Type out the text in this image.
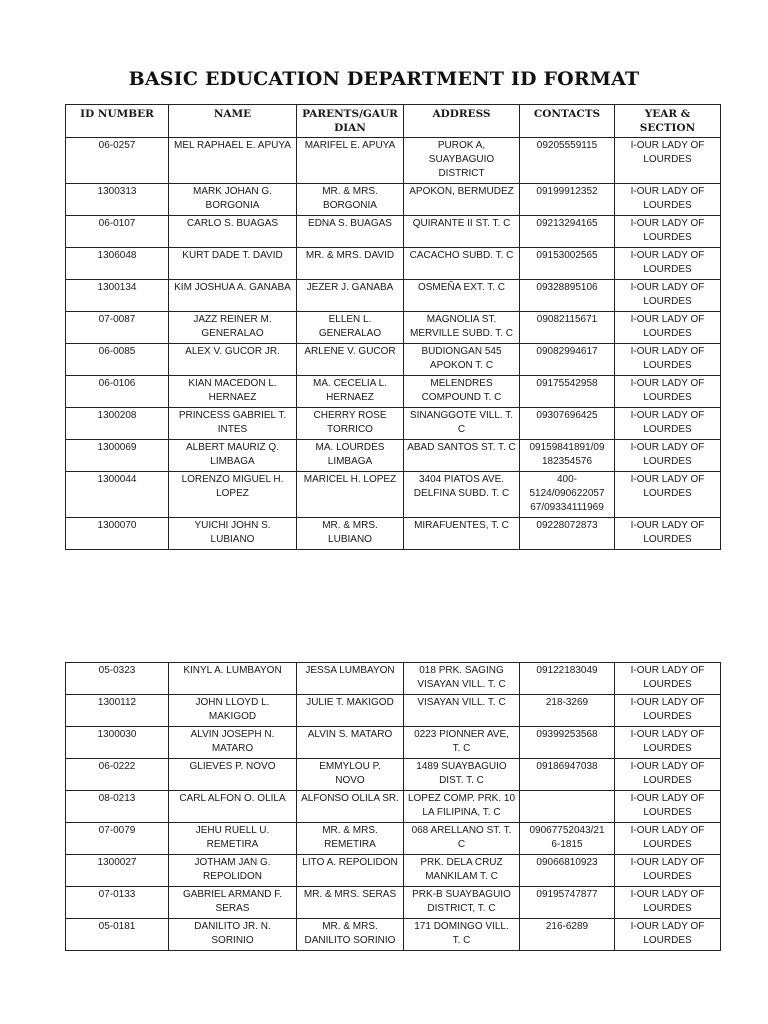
BASIC EDUCATION DEPARTMENT ID FORMAT
ID NUMBER	NAME	PARENTS/GAUR
DIAN	ADDRESS	CONTACTS	YEAR &
SECTION
06-0257	MEL RAPHAEL E. APUYA	MARIFEL E. APUYA	PUROK A,
SUAYBAGUIO
DISTRICT	09205559115	I-OUR LADY OF
LOURDES
1300313	MARK JOHAN G.
BORGONIA	MR. & MRS.
BORGONIA	APOKON, BERMUDEZ	09199912352	I-OUR LADY OF
LOURDES
06-0107	CARLO S. BUAGAS	EDNA S. BUAGAS	QUIRANTE II ST. T. C	09213294165	I-OUR LADY OF
LOURDES
1306048	KURT DADE T. DAVID	MR. & MRS. DAVID	CACACHO SUBD. T. C	09153002565	I-OUR LADY OF
LOURDES
1300134	KIM JOSHUA A. GANABA	JEZER J. GANABA	OSMEÑA EXT. T. C	09328895106	I-OUR LADY OF
LOURDES
07-0087	JAZZ REINER M.
GENERALAO	ELLEN L.
GENERALAO	MAGNOLIA ST.
MERVILLE SUBD. T. C	09082115671	I-OUR LADY OF
LOURDES
06-0085	ALEX V. GUCOR JR.	ARLENE V. GUCOR	BUDIONGAN 545
APOKON T. C	09082994617	I-OUR LADY OF
LOURDES
06-0106	KIAN MACEDON L.
HERNAEZ	MA. CECELIA L.
HERNAEZ	MELENDRES
COMPOUND T. C	09175542958	I-OUR LADY OF
LOURDES
1300208	PRINCESS GABRIEL T.
INTES	CHERRY ROSE
TORRICO	SINANGGOTE VILL. T. C	09307696425	I-OUR LADY OF
LOURDES
1300069	ALBERT MAURIZ Q.
LIMBAGA	MA. LOURDES
LIMBAGA	ABAD SANTOS ST. T. C	09159841891/09
182354576	I-OUR LADY OF
LOURDES
1300044	LORENZO MIGUEL H.
LOPEZ	MARICEL H. LOPEZ	3404 PIATOS AVE.
DELFINA SUBD. T. C	400-
5124/090622057
67/09334111969	I-OUR LADY OF
LOURDES
1300070	YUICHI JOHN S. LUBIANO	MR. & MRS.
LUBIANO	MIRAFUENTES, T. C	09228072873	I-OUR LADY OF
LOURDES
05-0323	KINYL A. LUMBAYON	JESSA LUMBAYON	018 PRK. SAGING
VISAYAN VILL. T. C	09122183049	I-OUR LADY OF
LOURDES
1300112	JOHN LLOYD L. MAKIGOD	JULIE T. MAKIGOD	VISAYAN VILL. T. C	218-3269	I-OUR LADY OF
LOURDES
1300030	ALVIN JOSEPH N.
MATARO	ALVIN S. MATARO	0223 PIONNER AVE,
T. C	09399253568	I-OUR LADY OF
LOURDES
06-0222	GLIEVES P. NOVO	EMMYLOU P.
NOVO	1489 SUAYBAGUIO
DIST. T. C	09186947038	I-OUR LADY OF
LOURDES
08-0213	CARL ALFON O. OLILA	ALFONSO OLILA SR.	LOPEZ COMP. PRK. 10
LA FILIPINA, T. C		I-OUR LADY OF
LOURDES
07-0079	JEHU RUELL U. REMETIRA	MR. & MRS.
REMETIRA	068 ARELLANO ST. T. C	09067752043/21
6-1815	I-OUR LADY OF
LOURDES
1300027	JOTHAM JAN G.
REPOLIDON	LITO A. REPOLIDON	PRK. DELA CRUZ
MANKILAM T. C	09066810923	I-OUR LADY OF
LOURDES
07-0133	GABRIEL ARMAND F.
SERAS	MR. & MRS. SERAS	PRK-B SUAYBAGUIO
DISTRICT, T. C	09195747877	I-OUR LADY OF
LOURDES
05-0181	DANILITO JR. N. SORINIO	MR. & MRS.
DANILITO SORINIO	171 DOMINGO VILL.
T. C	216-6289	I-OUR LADY OF
LOURDES
